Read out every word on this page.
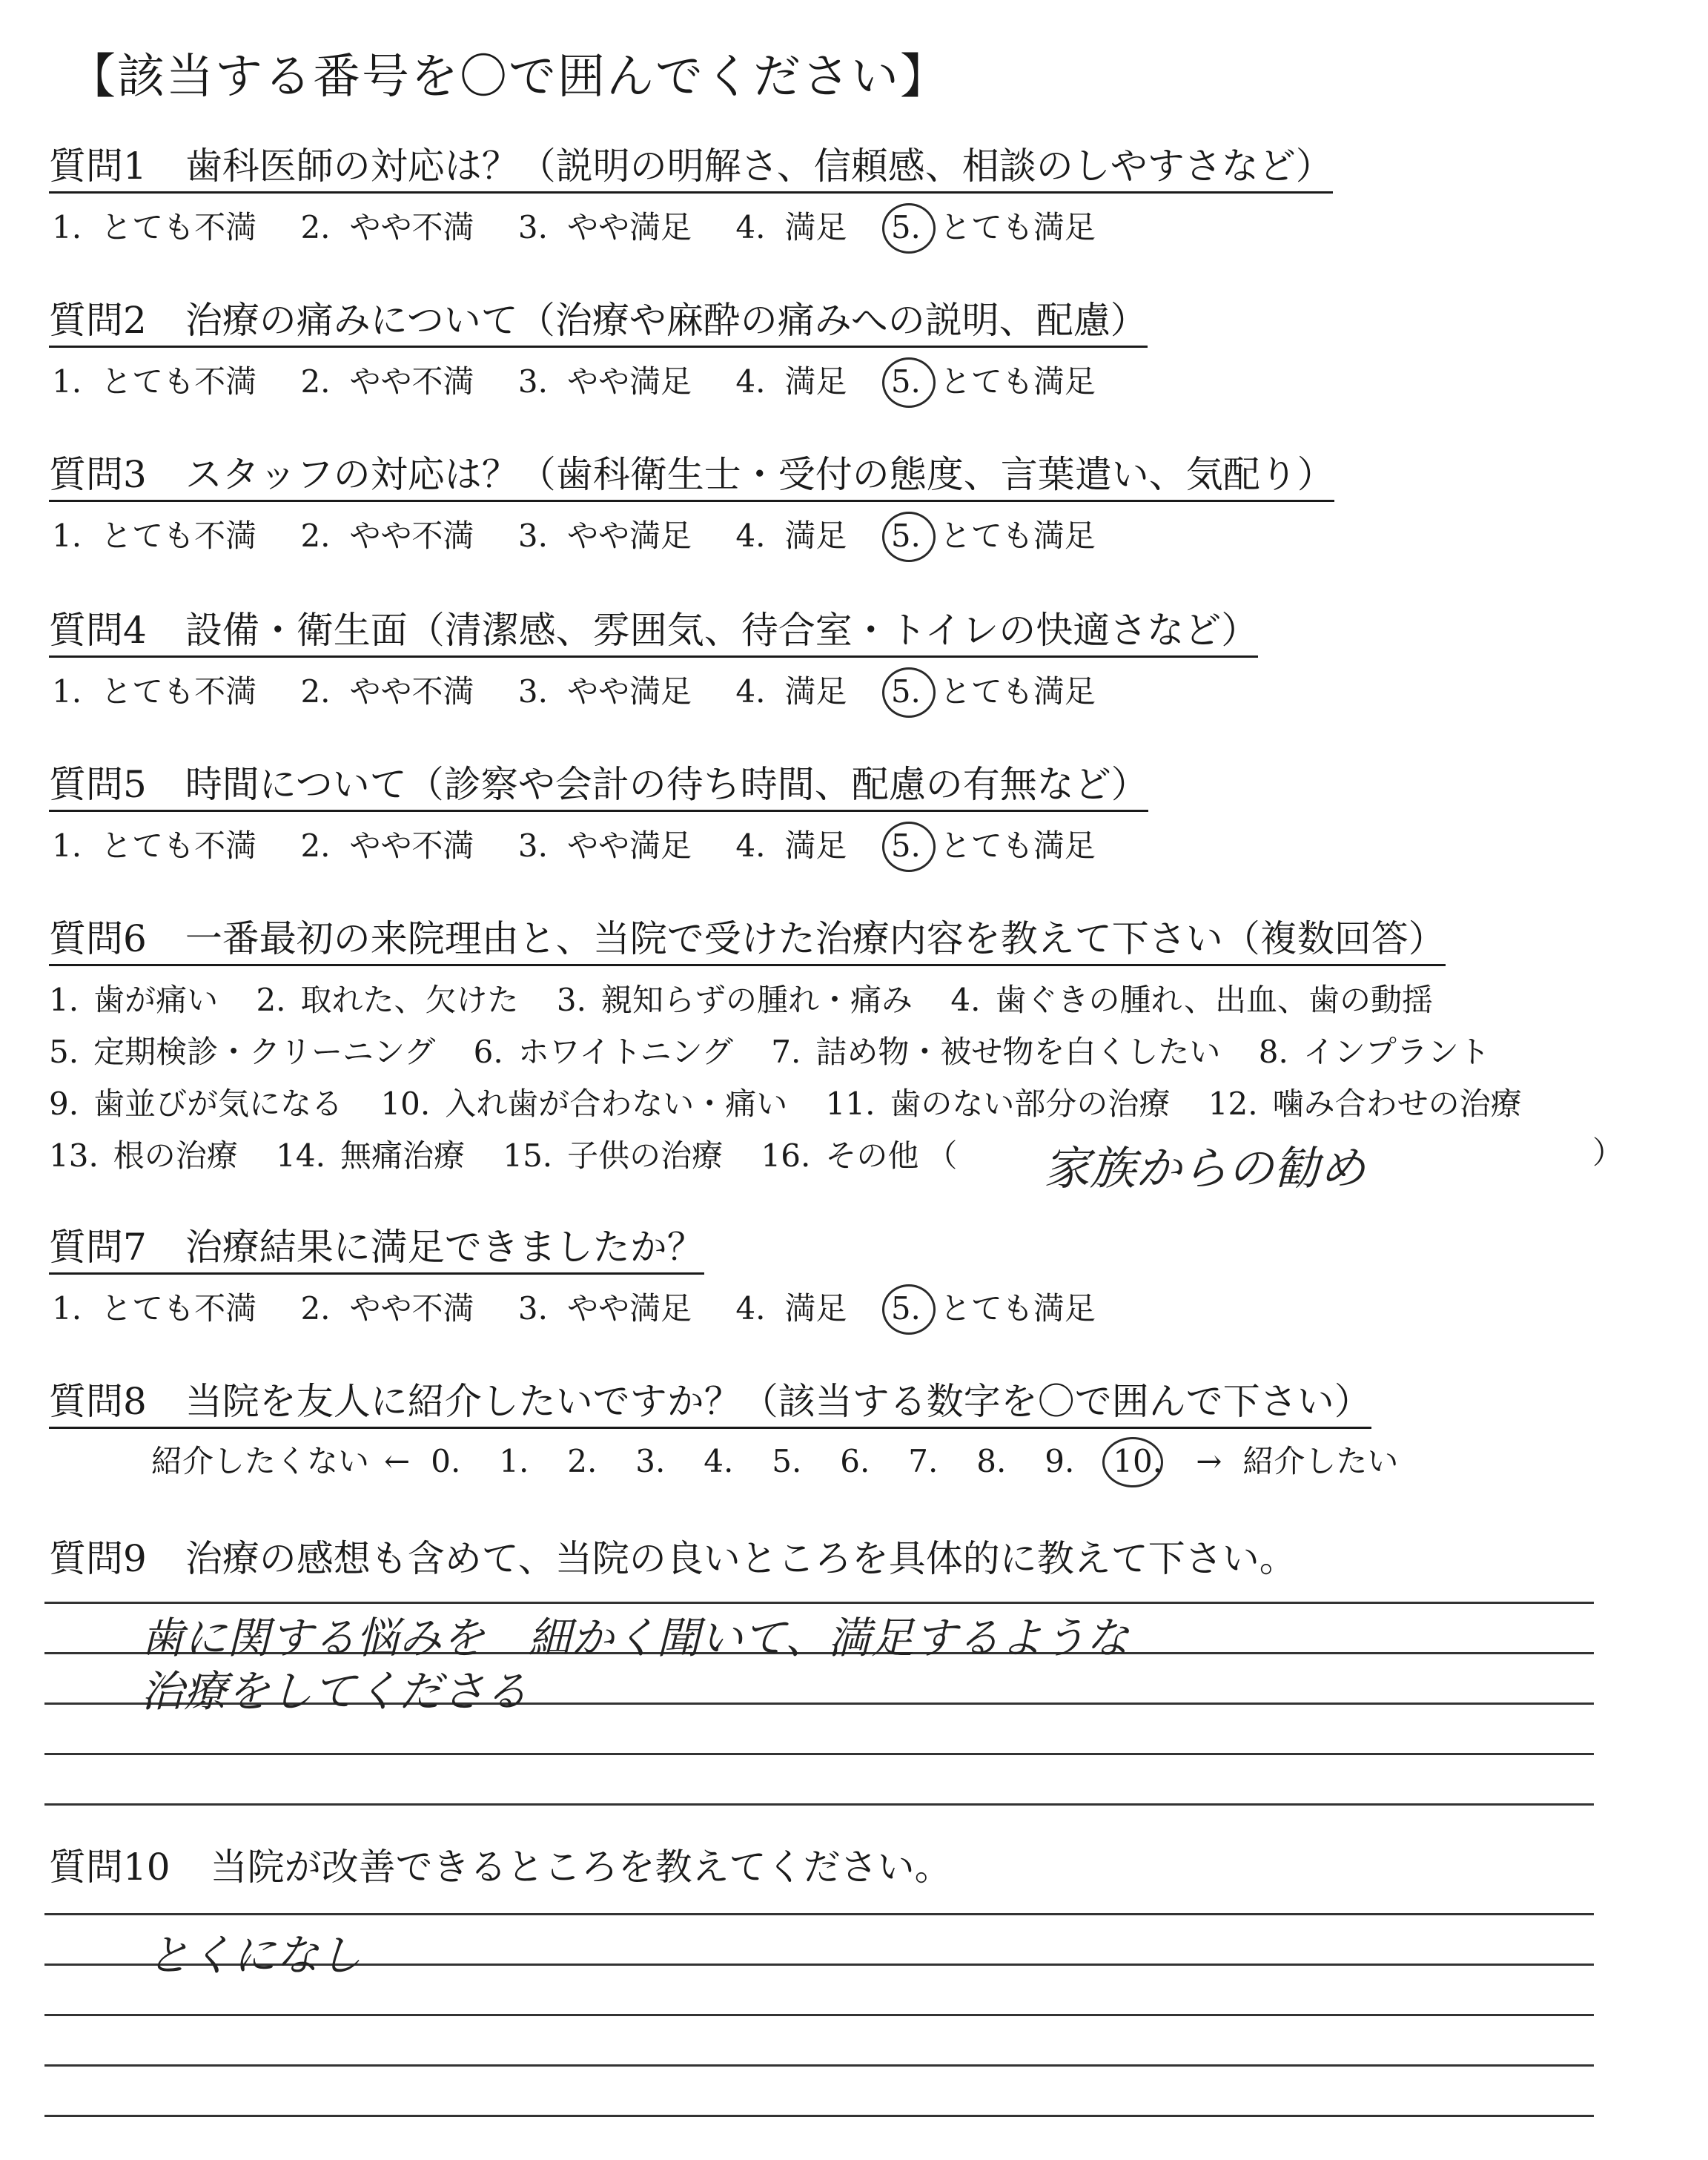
【該当する番号を〇で囲んでください】
質問1 歯科医師の対応は？（説明の明解さ、信頼感、相談のしやすさなど）
1. とても不満 2. やや不満 3. やや満足 4. 満足 5. とても満足
質問2 治療の痛みについて（治療や麻酔の痛みへの説明、配慮）
1. とても不満 2. やや不満 3. やや満足 4. 満足 5. とても満足
質問3 スタッフの対応は？（歯科衛生士・受付の態度、言葉遣い、気配り）
1. とても不満 2. やや不満 3. やや満足 4. 満足 5. とても満足
質問4 設備・衛生面（清潔感、雰囲気、待合室・トイレの快適さなど）
1. とても不満 2. やや不満 3. やや満足 4. 満足 5. とても満足
質問5 時間について（診察や会計の待ち時間、配慮の有無など）
1. とても不満 2. やや不満 3. やや満足 4. 満足 5. とても満足
質問6 一番最初の来院理由と、当院で受けた治療内容を教えて下さい（複数回答）
1. 歯が痛い 2. 取れた、欠けた 3. 親知らずの腫れ・痛み 4. 歯ぐきの腫れ、出血、歯の動揺
5. 定期検診・クリーニング 6. ホワイトニング 7. 詰め物・被せ物を白くしたい 8. インプラント
9. 歯並びが気になる 10. 入れ歯が合わない・痛い 11. 歯のない部分の治療 12. 噛み合わせの治療
13. 根の治療 14. 無痛治療 15. 子供の治療 16. その他 （	家族からの勧め	）
質問7 治療結果に満足できましたか？
1. とても不満 2. やや不満 3. やや満足 4. 満足 5. とても満足
質問8 当院を友人に紹介したいですか？（該当する数字を〇で囲んで下さい）
紹介したくない ← 0. 1. 2. 3. 4. 5. 6. 7. 8. 9. 10. → 紹介したい
質問9 治療の感想も含めて、当院の良いところを具体的に教えて下さい。
歯に関する悩みを　細かく聞いて、満足するような
治療をしてくださる
質問10 当院が改善できるところを教えてください。
とくになし
